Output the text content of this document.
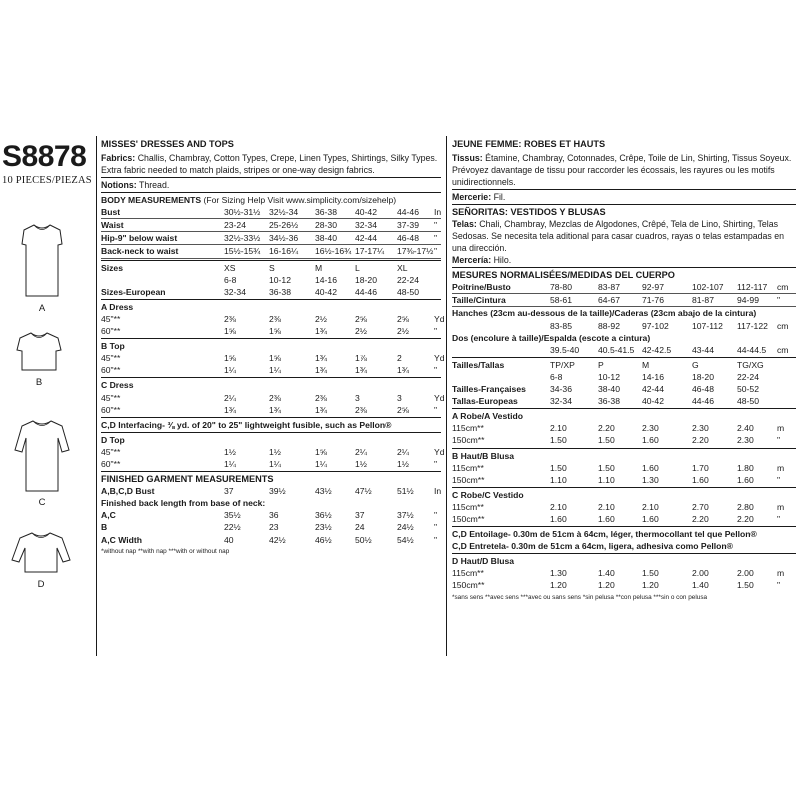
S8878
10 PIECES/PIEZAS
A
B
C
D
MISSES' DRESSES AND TOPS
Fabrics: Challis, Chambray, Cotton Types, Crepe, Linen Types, Shirtings, Silky Types. Extra fabric needed to match plaids, stripes or one-way design fabrics.
Notions: Thread.
BODY MEASUREMENTS
(For Sizing Help Visit www.simplicity.com/sizehelp)
Bust	30½-31½ 32½-34 36-38 40-42 44-46 In
Waist	23-24	25-26½ 28-30 32-34 37-39 "
Hip-9" below waist	32½-33½ 34½-36 38-40 42-44 46-48 "
Back-neck to waist	15½-15¾ 16-16¼ 16½-16¾ 17-17¼ 17⅜-17½ "
Sizes	XS	S	M	L	XL
6-8	10-12	14-16 18-20 22-24
Sizes-European	32-34	36-38	40-42 44-46 48-50
A Dress
45"**	2⅜	2⅜	2½	2⅝	2⅝	Yd
60"**	1⅝	1⅝	1¾	2½	2½	"
B Top
45"**	1⅝	1⅝	1¾	1⅞	2	Yd
60"**	1¼	1¼	1¾	1¾	1¾	"
C Dress
45"**	2¼	2⅜	2⅜	3	3	Yd
60"**	1¾	1¾	1¾	2⅜	2⅝	"
C,D Interfacing- ⅜ yd. of 20" to 25" lightweight fusible, such as Pellon®
D Top
45"**	1½	1½	1⅝	2¼	2¼	Yd
60"**	1¼	1¼	1¼	1½	1½	"
FINISHED GARMENT MEASUREMENTS
A,B,C,D Bust	37	39½	43½	47½	51½ In
Finished back length from base of neck:
A,C	35½	36	36½	37	37½ "
B	22½	23	23½	24	24½ "
A,C Width	40	42½	46½	50½	54½ "
*without nap **with nap ***with or without nap
JEUNE FEMME: ROBES ET HAUTS
Tissus: Étamine, Chambray, Cotonnades, Crêpe, Toile de Lin, Shirting, Tissus Soyeux. Prévoyez davantage de tissu pour raccorder les écossais, les rayures ou les motifs unidirectionnels.
Mercerie: Fil.
SEÑORITAS: VESTIDOS Y BLUSAS
Telas: Chali, Chambray, Mezclas de Algodones, Crêpé, Tela de Lino, Shirting, Telas Sedosas. Se necesita tela aditional para casar cuadros, rayas o telas estampadas en una dirección.
Mercería: Hilo.
MESURES NORMALISÉES/MEDIDAS DEL CUERPO
Poitrine/Busto	78-80	83-87	92-97	102-107 112-117 cm
Taille/Cintura	58-61	64-67	71-76	81-87	94-99 "
Hanches (23cm au-dessous de la taille)/Caderas (23cm abajo de la cintura)
83-85	88-92	97-102	107-112 117-122 cm
Dos (encolure à taille)/Espalda (escote a cintura)
39.5-40 40.5-41.5 42-42.5 43-44	44-44.5 cm
Tailles/Tallas	TP/XP	P	M	G	TG/XG
6-8	10-12	14-16	18-20	22-24
Tailles-Françaises	34-36	38-40	42-44	46-48	50-52
Tallas-Europeas	32-34	36-38	40-42	44-46	48-50
A Robe/A Vestido
115cm**	2.10	2.20	2.30	2.30	2.40	m
150cm**	1.50	1.50	1.60	2.20	2.30	"
B Haut/B Blusa
115cm**	1.50	1.50	1.60	1.70	1.80	m
150cm**	1.10	1.10	1.30	1.60	1.60	"
C Robe/C Vestido
115cm**	2.10	2.10	2.10	2.70	2.80	m
150cm**	1.60	1.60	1.60	2.20	2.20	"
C,D Entoilage- 0.30m de 51cm à 64cm, léger, thermocollant tel que Pellon®
C,D Entretela- 0.30m de 51cm a 64cm, ligera, adhesiva como Pellon®
D Haut/D Blusa
115cm**	1.30	1.40	1.50	2.00	2.00	m
150cm**	1.20	1.20	1.20	1.40	1.50	"
*sans sens **avec sens ***avec ou sans sens *sin pelusa **con pelusa ***sin o con pelusa
